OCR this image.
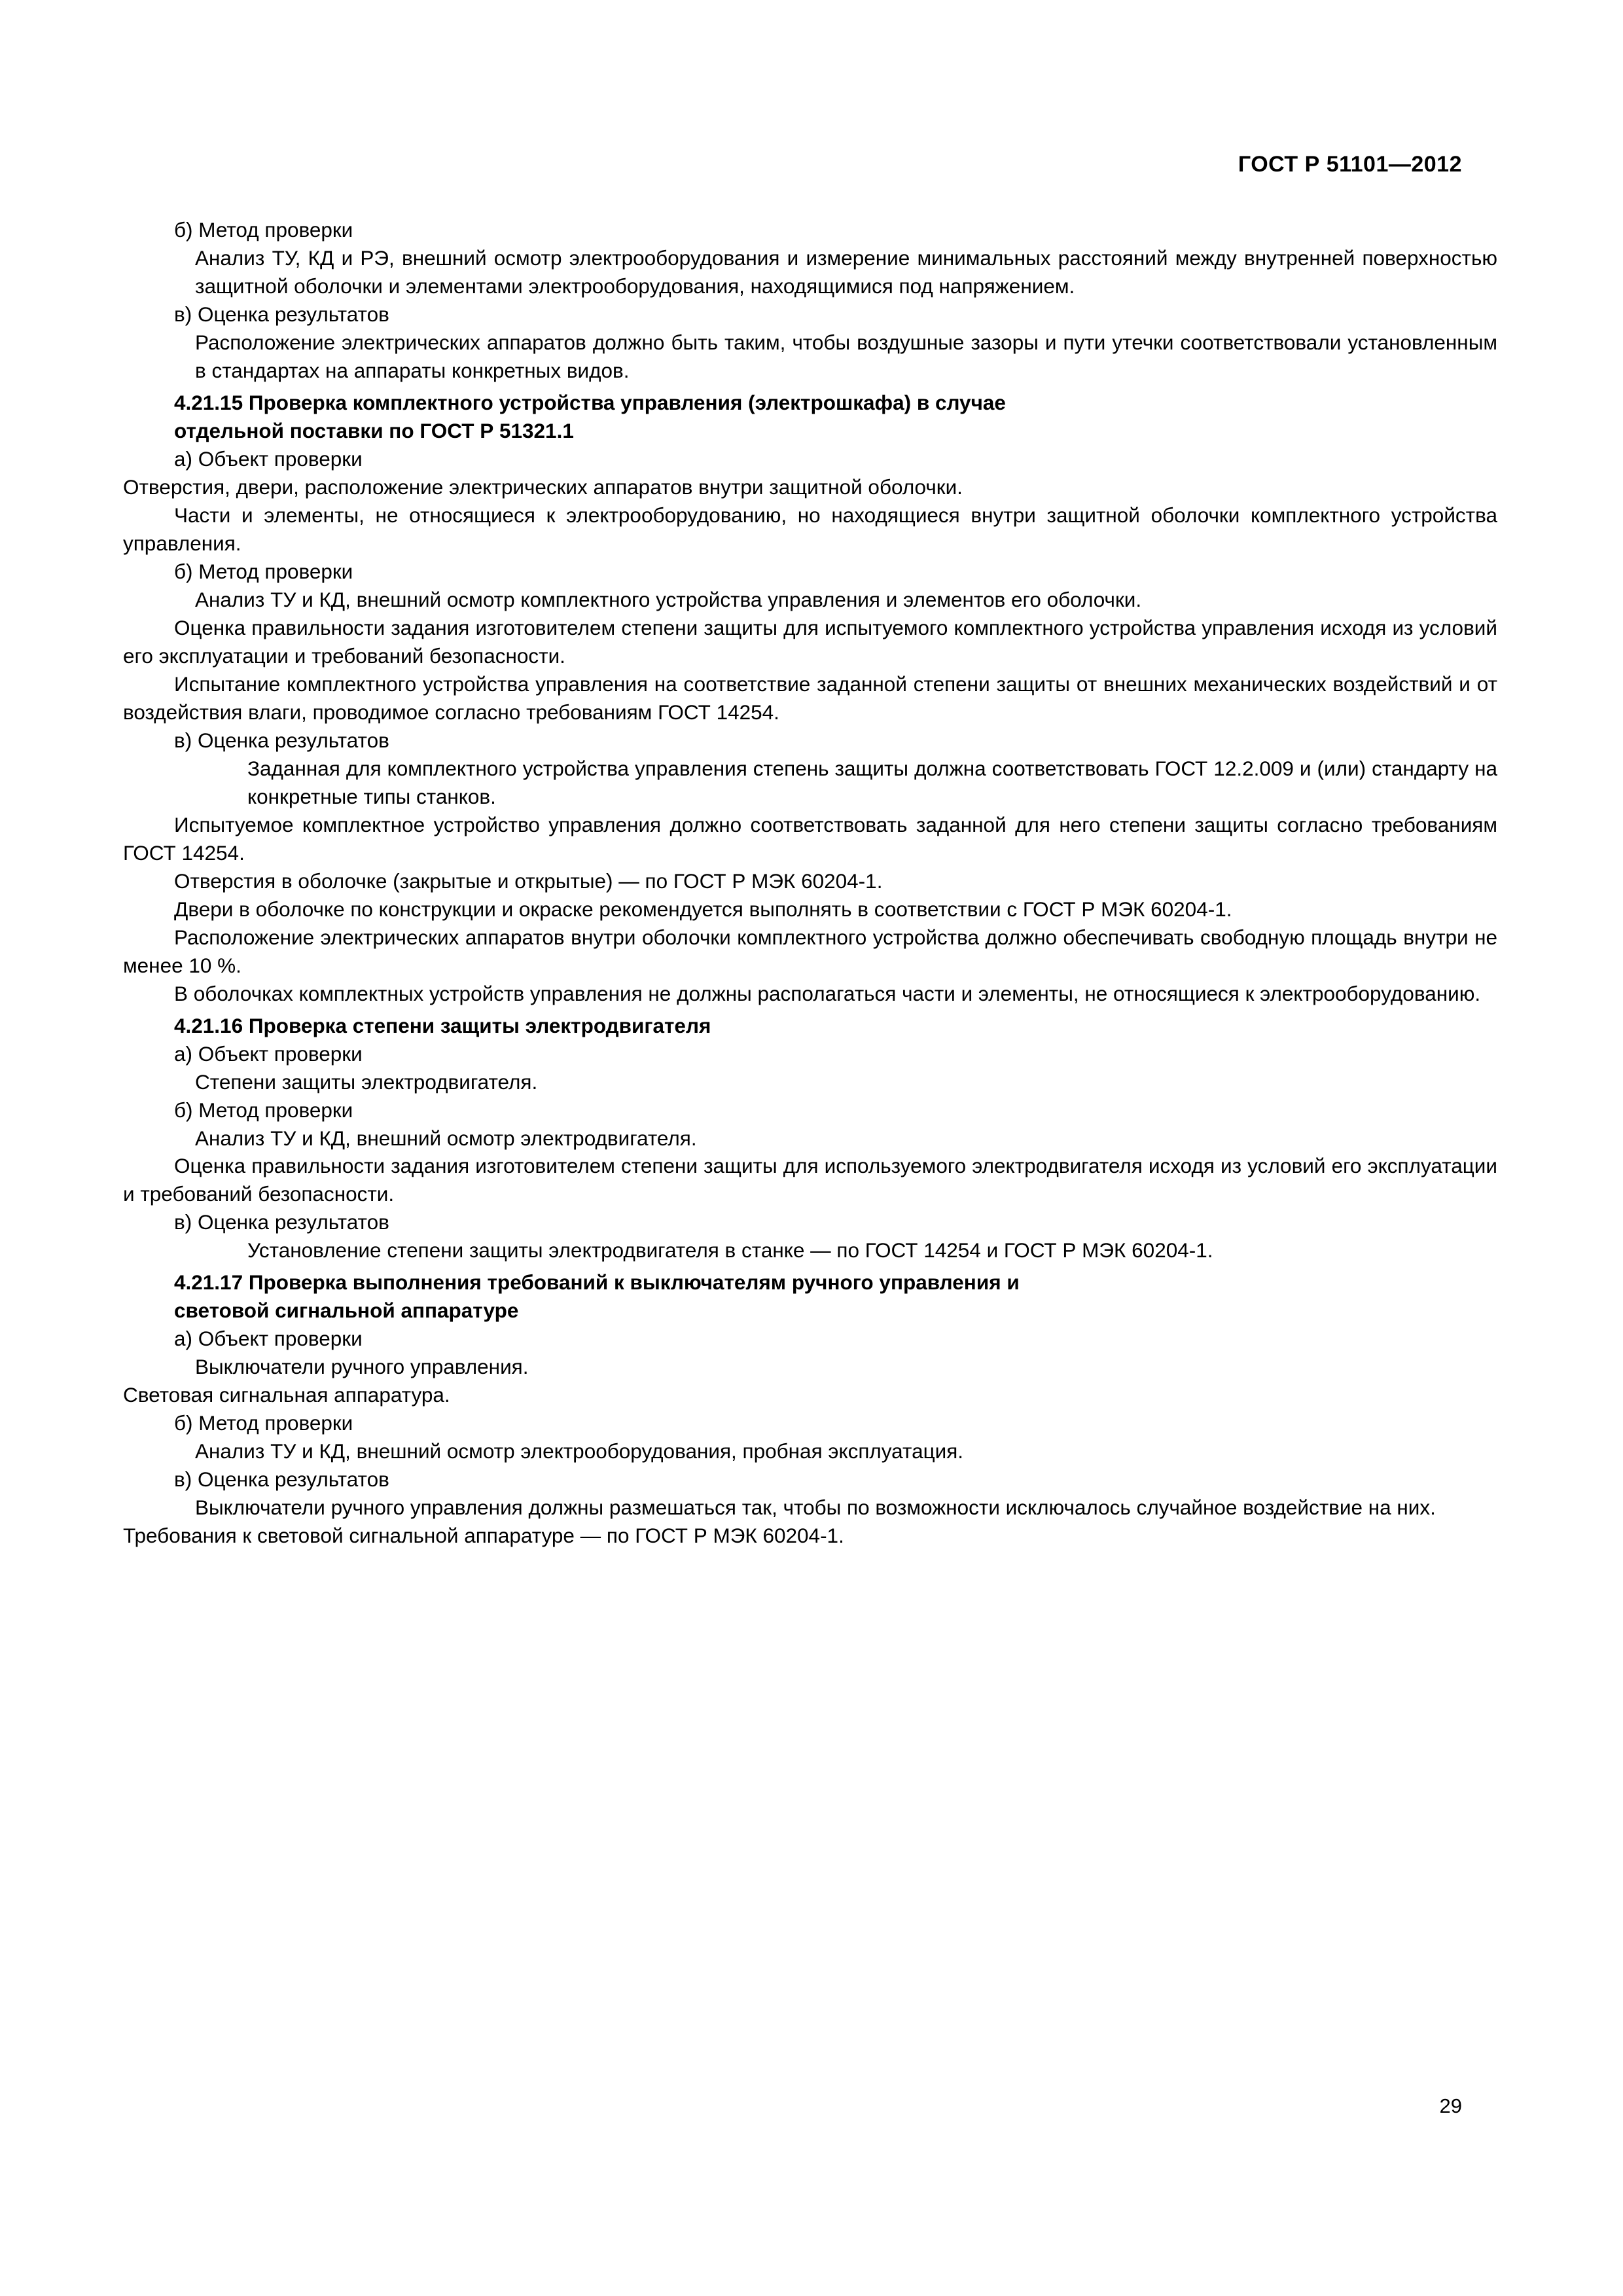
ГОСТ Р 51101—2012

б) Метод проверки

Анализ ТУ, КД и РЭ, внешний осмотр электрооборудования и измерение минимальных расстояний между внутренней поверхностью защитной оболочки и элементами электрооборудования, находящимися под напряжением.

в) Оценка результатов

Расположение электрических аппаратов должно быть таким, чтобы воздушные зазоры и пути утечки соответствовали установленным в стандартах на аппараты конкретных видов.

4.21.15 Проверка комплектного устройства управления (электрошкафа) в случае

отдельной поставки по ГОСТ Р 51321.1

а) Объект проверки

Отверстия, двери, расположение электрических аппаратов внутри защитной оболочки.

Части и элементы, не относящиеся к электрооборудованию, но находящиеся внутри защитной оболочки комплектного устройства управления.

б) Метод проверки

Анализ ТУ и КД, внешний осмотр комплектного устройства управления и элементов его оболочки.

Оценка правильности задания изготовителем степени защиты для испытуемого комплектного устройства управления исходя из условий его эксплуатации и требований безопасности.

Испытание комплектного устройства управления на соответствие заданной степени защиты от внешних механических воздействий и от воздействия влаги, проводимое согласно требованиям ГОСТ 14254.

в) Оценка результатов

Заданная для комплектного устройства управления степень защиты должна соответствовать ГОСТ 12.2.009 и (или) стандарту на конкретные типы станков.

Испытуемое комплектное устройство управления должно соответствовать заданной для него степени защиты согласно требованиям ГОСТ 14254.

Отверстия в оболочке (закрытые и открытые) — по ГОСТ Р МЭК 60204-1.

Двери в оболочке по конструкции и окраске рекомендуется выполнять в соответствии с ГОСТ Р МЭК 60204-1.

Расположение электрических аппаратов внутри оболочки комплектного устройства должно обеспечивать свободную площадь внутри не менее 10 %.

В оболочках комплектных устройств управления не должны располагаться части и элементы, не относящиеся к электрооборудованию.

4.21.16 Проверка степени защиты электродвигателя

а) Объект проверки

Степени защиты электродвигателя.

б) Метод проверки

Анализ ТУ и КД, внешний осмотр электродвигателя.

Оценка правильности задания изготовителем степени защиты для используемого электродвигателя исходя из условий его эксплуатации и требований безопасности.

в) Оценка результатов

Установление степени защиты электродвигателя в станке — по ГОСТ 14254 и ГОСТ Р МЭК 60204-1.

4.21.17 Проверка выполнения требований к выключателям ручного управления и

световой сигнальной аппаратуре

а) Объект проверки

Выключатели ручного управления.

Световая сигнальная аппаратура.

б) Метод проверки

Анализ ТУ и КД, внешний осмотр электрооборудования, пробная эксплуатация.

в) Оценка результатов

Выключатели ручного управления должны размешаться так, чтобы по возможности исключалось случайное воздействие на них.

Требования к световой сигнальной аппаратуре — по ГОСТ Р МЭК 60204-1.

29
